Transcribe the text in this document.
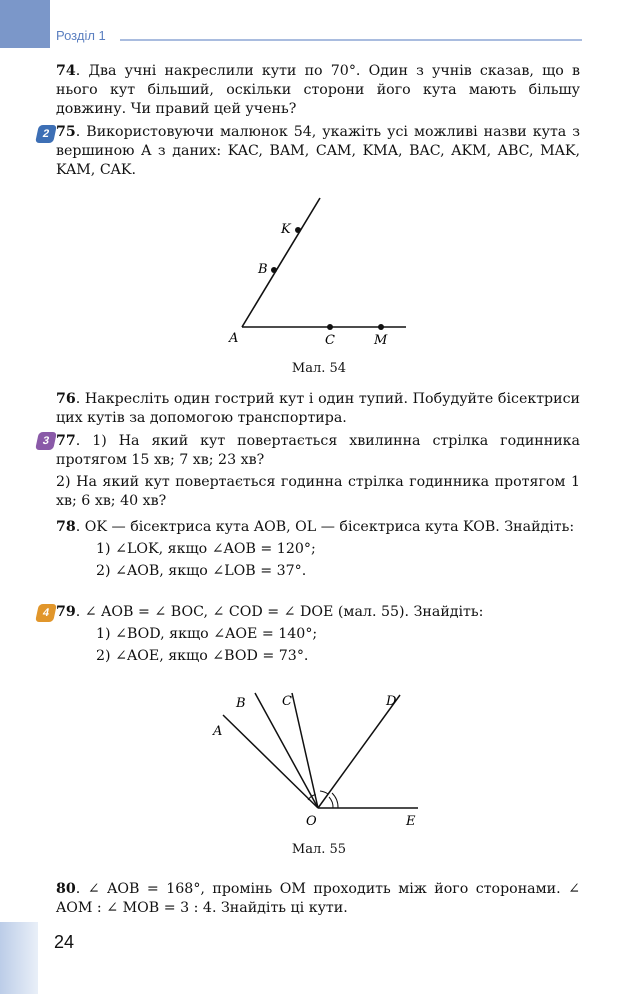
Розділ 1
74. Два учні накреслили кути по 70°. Один з учнів сказав, що в нього кут більший, оскільки сторони його кута мають більшу довжину. Чи правий цей учень?
2 75. Використовуючи малюнок 54, укажіть усі можливі назви кута з вершиною A з даних: KAC, BAM, CAM, KMA, BAC, AKM, ABC, MAK, KAM, CAK.
K
B
A	C	M
Мал. 54
76. Накресліть один гострий кут і один тупий. Побудуйте бісектриси цих кутів за допомогою транспортира.
3 77. 1) На який кут повертається хвилинна стрілка годинника протягом 15 хв; 7 хв; 23 хв?
2) На який кут повертається годинна стрілка годинника протягом 1 хв; 6 хв; 40 хв?
78. OK — бісектриса кута AOB, OL — бісектриса кута KOB. Знайдіть:
1) ∠LOK, якщо ∠AOB = 120°;
2) ∠AOB, якщо ∠LOB = 37°.
4 79. ∠ AOB = ∠ BOC, ∠ COD = ∠ DOE (мал. 55). Знайдіть:
1) ∠BOD, якщо ∠AOE = 140°;
2) ∠AOE, якщо ∠BOD = 73°.
A
B	C	D
O	E
Мал. 55
80. ∠ AOB = 168°, промінь OM проходить між його сторонами. ∠ AOM : ∠ MOB = 3 : 4. Знайдіть ці кути.
24
